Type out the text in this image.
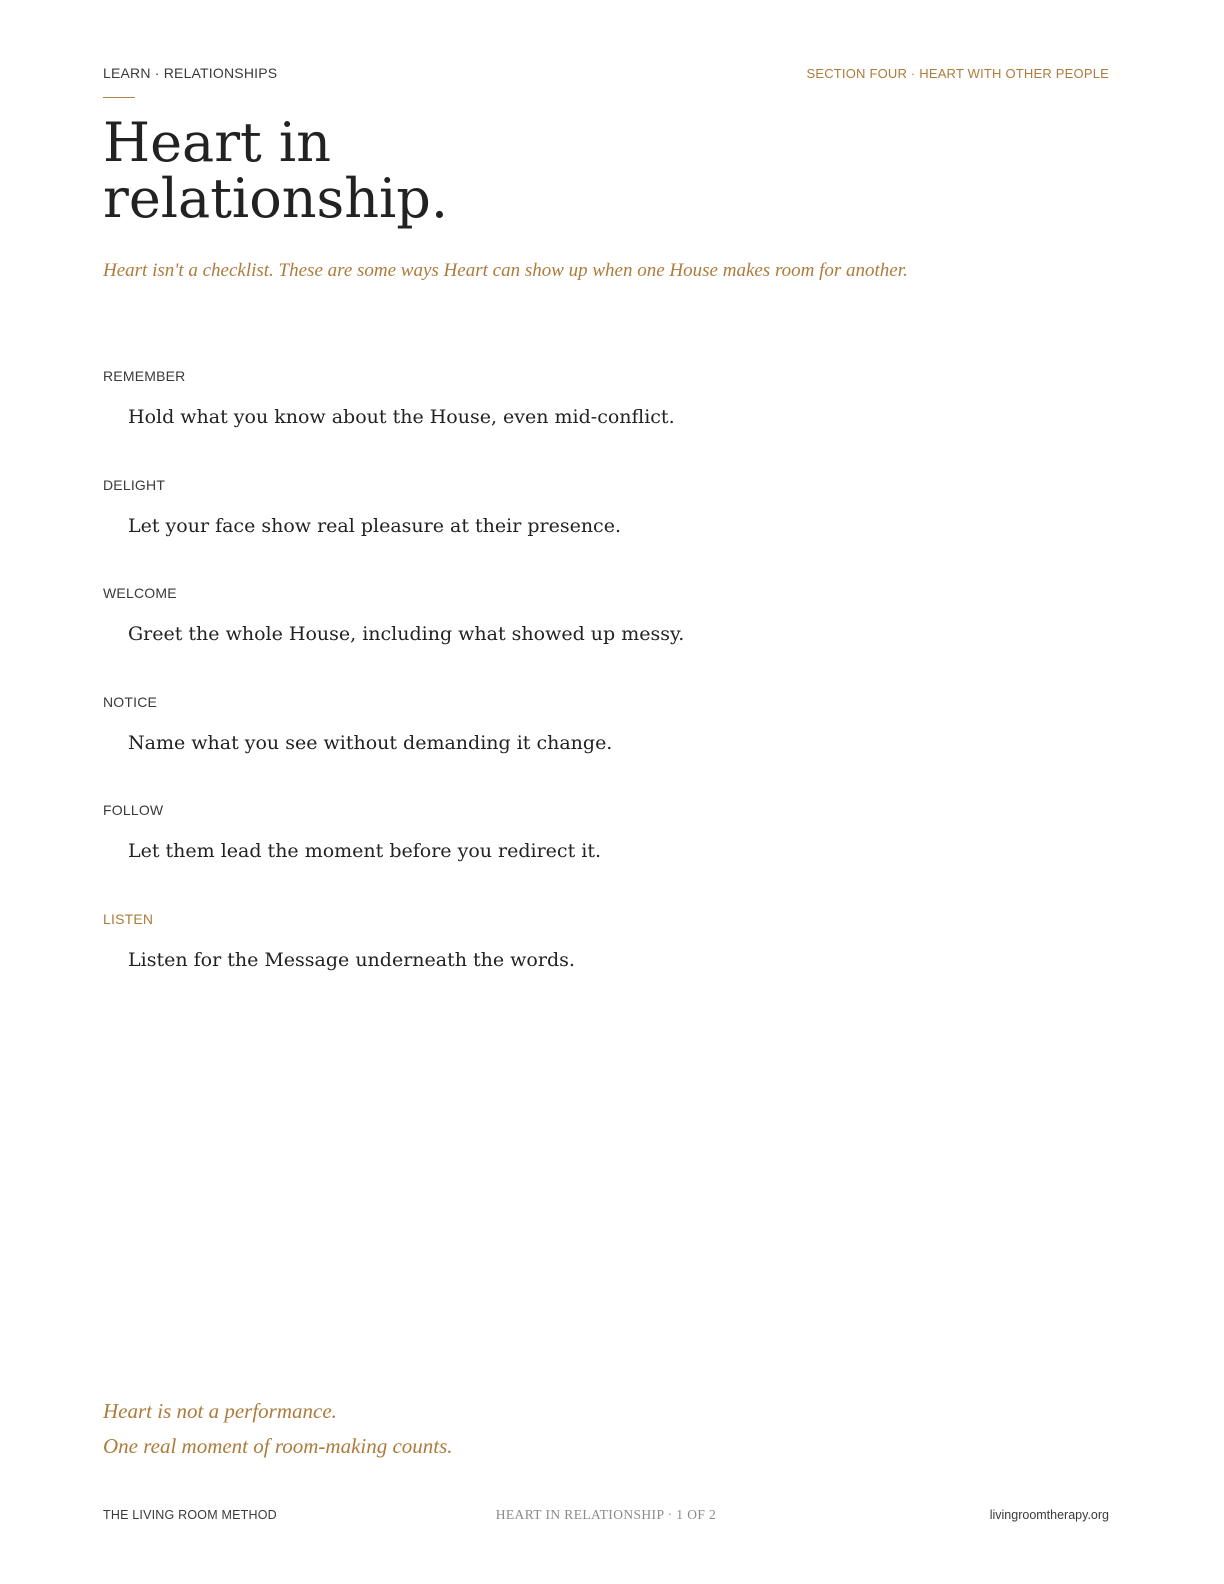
LEARN · RELATIONSHIPS	SECTION FOUR · HEART WITH OTHER PEOPLE
Heart in
relationship.
Heart isn't a checklist. These are some ways Heart can show up when one House makes room for another.
REMEMBER
Hold what you know about the House, even mid-conflict.
DELIGHT
Let your face show real pleasure at their presence.
WELCOME
Greet the whole House, including what showed up messy.
NOTICE
Name what you see without demanding it change.
FOLLOW
Let them lead the moment before you redirect it.
LISTEN
Listen for the Message underneath the words.
Heart is not a performance.
One real moment of room-making counts.
THE LIVING ROOM METHOD	HEART IN RELATIONSHIP · 1 OF 2	livingroomtherapy.org
